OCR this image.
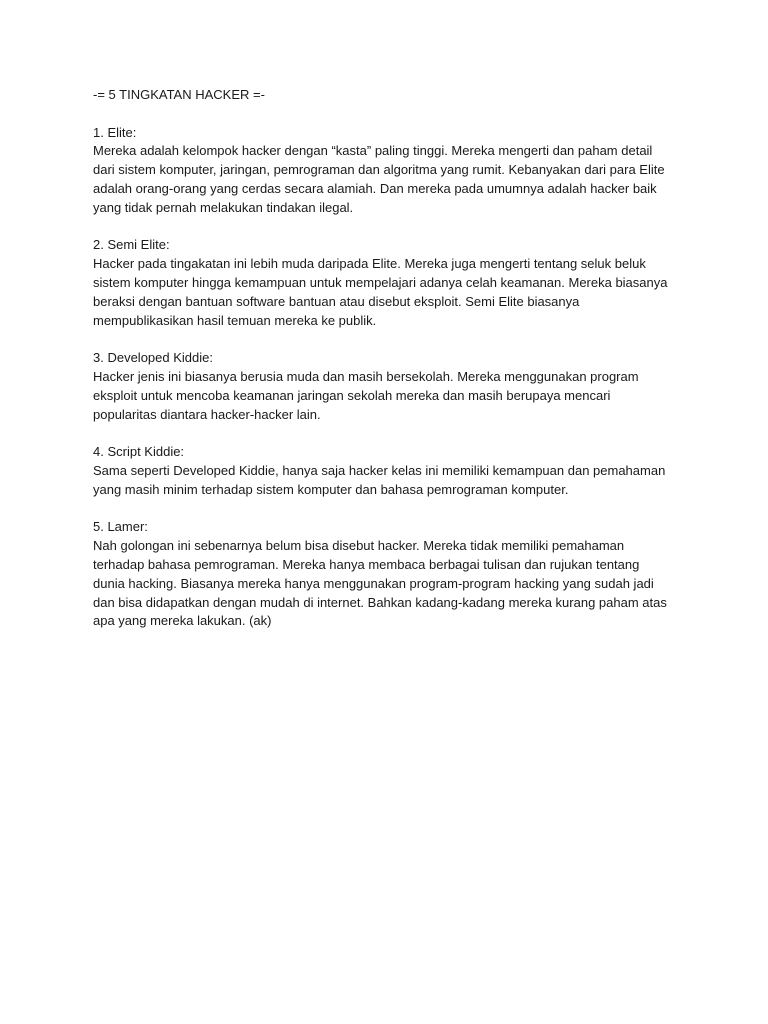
-= 5 TINGKATAN HACKER =-

1. Elite:
Mereka adalah kelompok hacker dengan “kasta” paling tinggi. Mereka mengerti dan paham detail dari sistem komputer, jaringan, pemrograman dan algoritma yang rumit. Kebanyakan dari para Elite adalah orang-orang yang cerdas secara alamiah. Dan mereka pada umumnya adalah hacker baik yang tidak pernah melakukan tindakan ilegal.
2. Semi Elite:
Hacker pada tingakatan ini lebih muda daripada Elite. Mereka juga mengerti tentang seluk beluk sistem komputer hingga kemampuan untuk mempelajari adanya celah keamanan. Mereka biasanya beraksi dengan bantuan software bantuan atau disebut eksploit. Semi Elite biasanya mempublikasikan hasil temuan mereka ke publik.
3. Developed Kiddie:
Hacker jenis ini biasanya berusia muda dan masih bersekolah. Mereka menggunakan program eksploit untuk mencoba keamanan jaringan sekolah mereka dan masih berupaya mencari popularitas diantara hacker-hacker lain.
4. Script Kiddie:
Sama seperti Developed Kiddie, hanya saja hacker kelas ini memiliki kemampuan dan pemahaman yang masih minim terhadap sistem komputer dan bahasa pemrograman komputer.
5. Lamer:
Nah golongan ini sebenarnya belum bisa disebut hacker. Mereka tidak memiliki pemahaman terhadap bahasa pemrograman. Mereka hanya membaca berbagai tulisan dan rujukan tentang dunia hacking. Biasanya mereka hanya menggunakan program-program hacking yang sudah jadi dan bisa didapatkan dengan mudah di internet. Bahkan kadang-kadang mereka kurang paham atas apa yang mereka lakukan. (ak)
